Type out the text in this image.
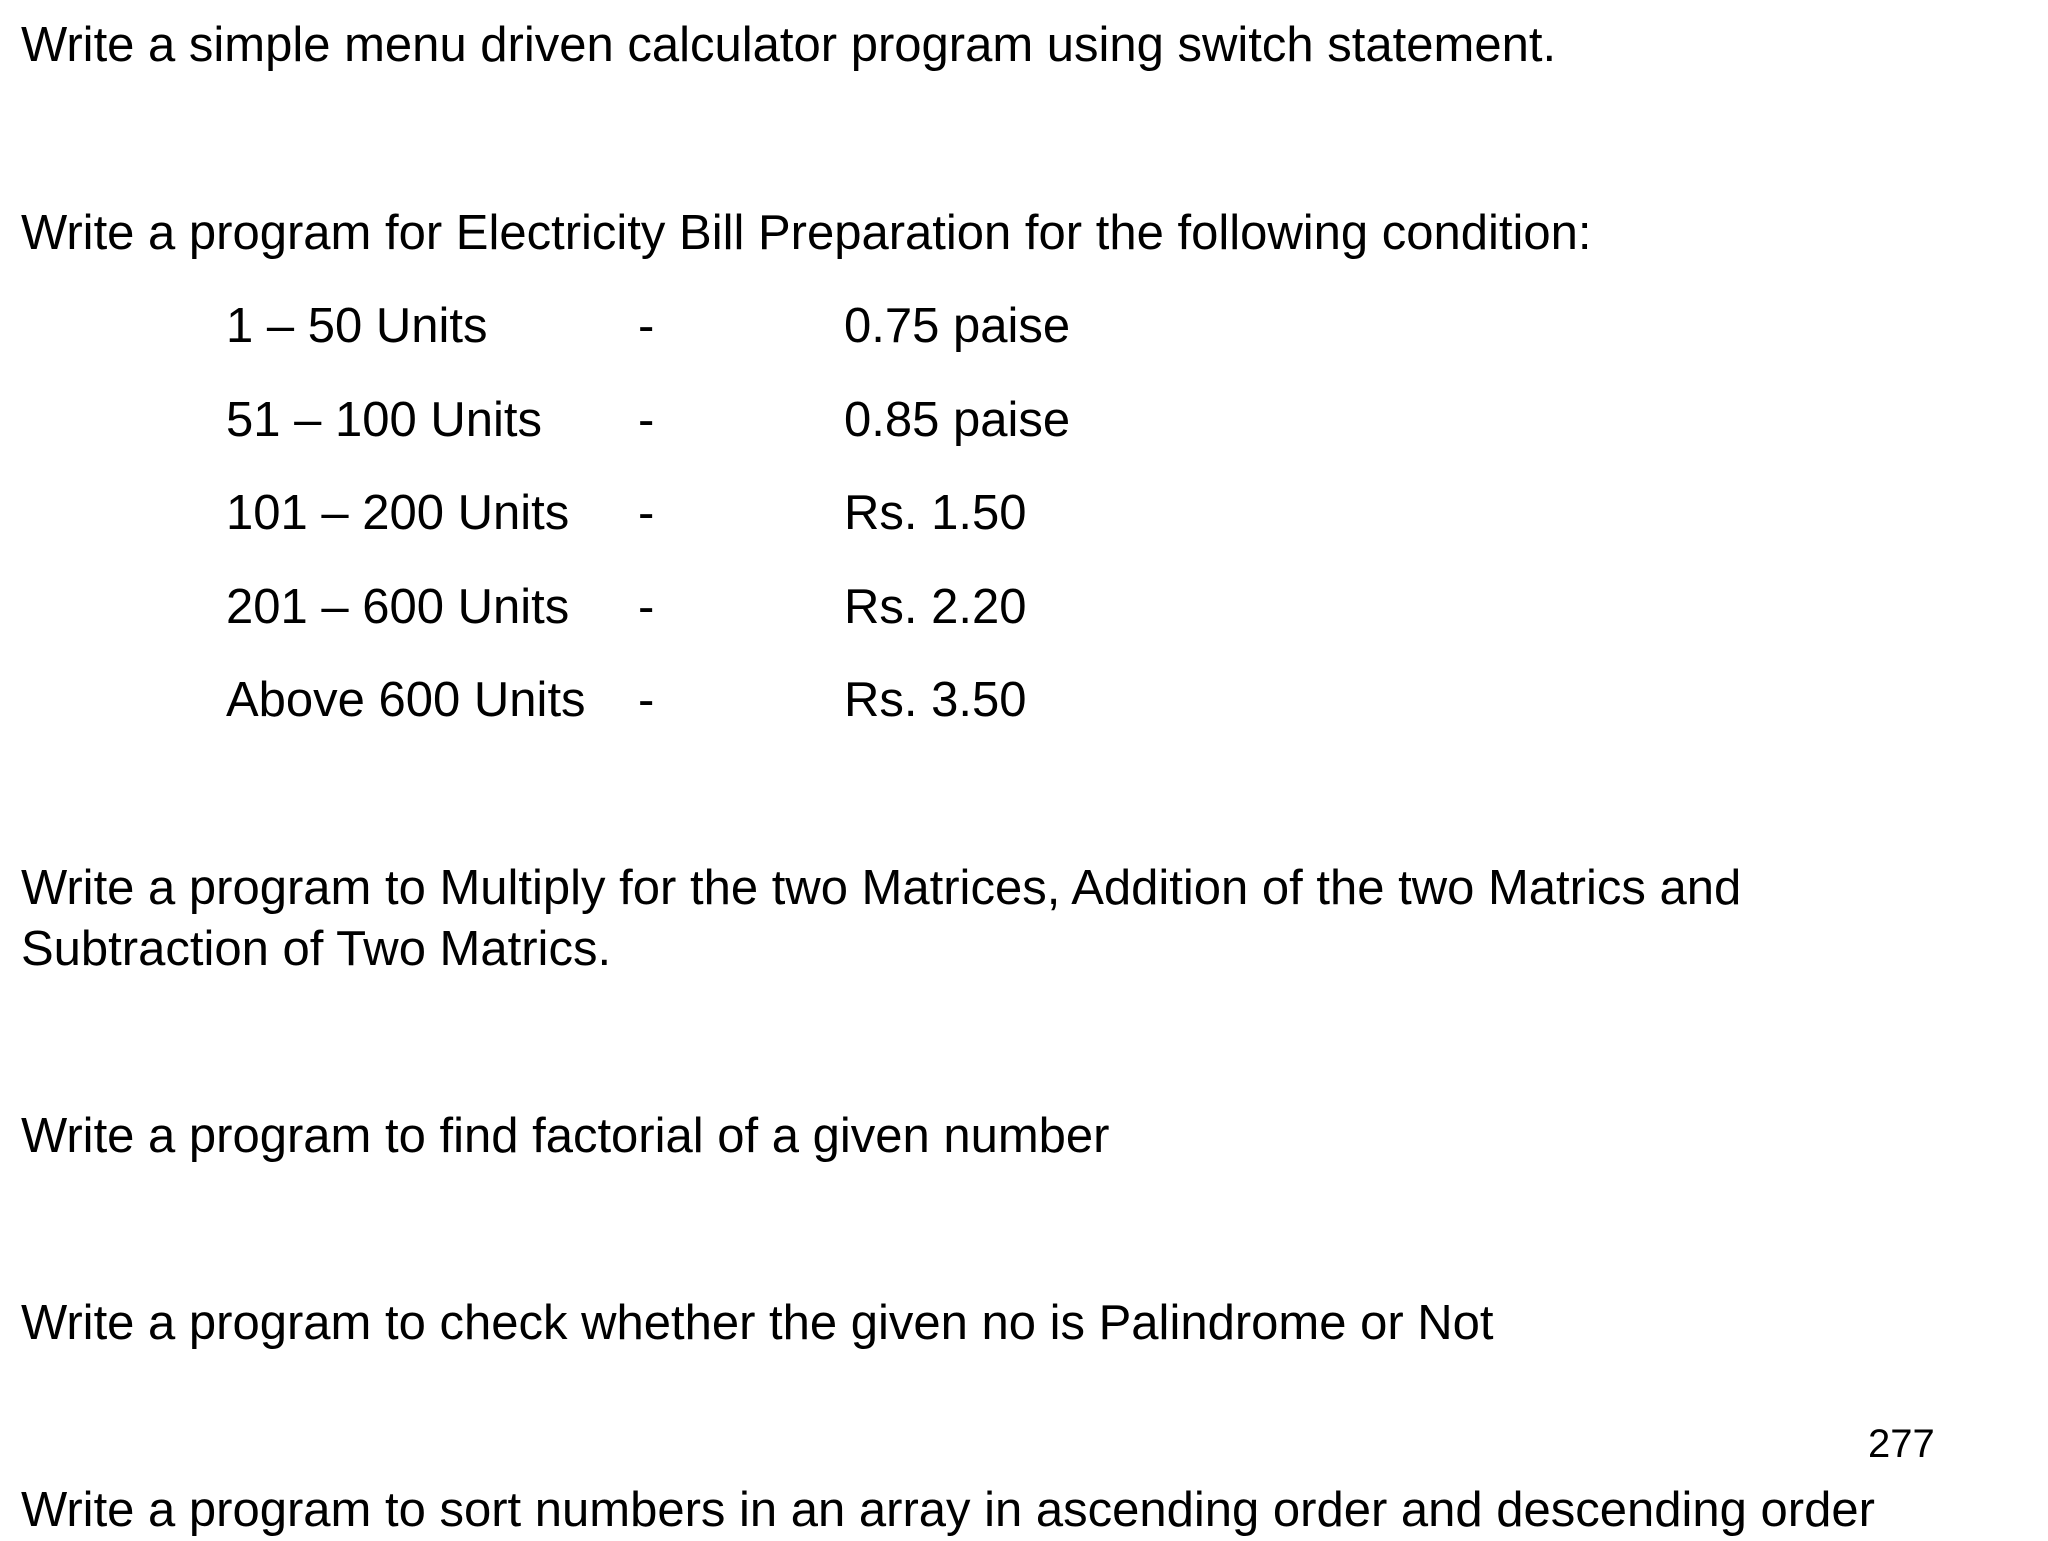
Write a simple menu driven calculator program using switch statement.
Write a program for Electricity Bill Preparation for the following condition:
1 – 50 Units	-	0.75 paise
51 – 100 Units -	0.85 paise
101 – 200 Units -	Rs. 1.50
201 – 600 Units -	Rs. 2.20
Above 600 Units -	Rs. 3.50
Write a program to Multiply for the two Matrices, Addition of the two Matrics and
Subtraction of Two Matrics.
Write a program to find factorial of a given number
Write a program to check whether the given no is Palindrome or Not
277
Write a program to sort numbers in an array in ascending order and descending order
